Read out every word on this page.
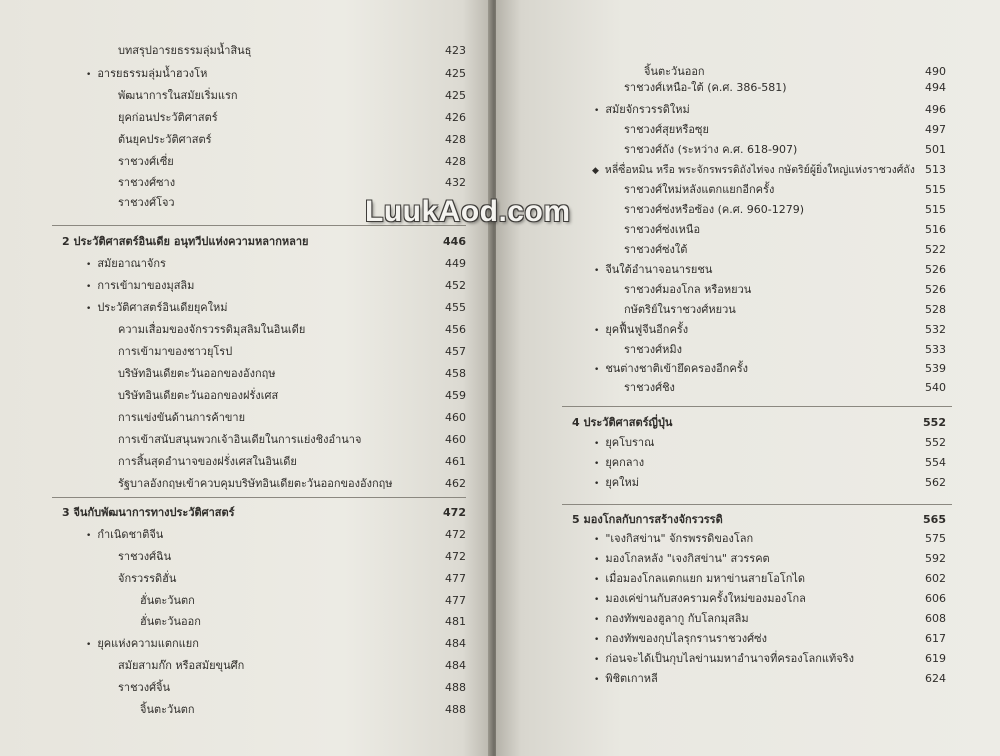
บทสรุปอารยธรรมลุ่มน้ำสินธุ	423
• อารยธรรมลุ่มน้ำฮวงโห	425
พัฒนาการในสมัยเริ่มแรก	425
ยุคก่อนประวัติศาสตร์	426
ต้นยุคประวัติศาสตร์	428
ราชวงศ์เซี่ย	428
ราชวงศ์ซาง	432
ราชวงศ์โจว
2 ประวัติศาสตร์อินเดีย อนุทวีปแห่งความหลากหลาย	446
• สมัยอาณาจักร	449
• การเข้ามาของมุสลิม	452
• ประวัติศาสตร์อินเดียยุคใหม่	455
ความเสื่อมของจักรวรรดิมุสลิมในอินเดีย	456
การเข้ามาของชาวยุโรป	457
บริษัทอินเดียตะวันออกของอังกฤษ	458
บริษัทอินเดียตะวันออกของฝรั่งเศส	459
การแข่งขันด้านการค้าขาย	460
การเข้าสนับสนุนพวกเจ้าอินเดียในการแย่งชิงอำนาจ	460
การสิ้นสุดอำนาจของฝรั่งเศสในอินเดีย	461
รัฐบาลอังกฤษเข้าควบคุมบริษัทอินเดียตะวันออกของอังกฤษ	462
3 จีนกับพัฒนาการทางประวัติศาสตร์	472
• กำเนิดชาติจีน	472
ราชวงศ์ฉิน	472
จักรวรรดิฮั่น	477
ฮั่นตะวันตก	477
ฮั่นตะวันออก	481
• ยุคแห่งความแตกแยก	484
สมัยสามก๊ก หรือสมัยขุนศึก	484
ราชวงศ์จิ้น	488
จิ้นตะวันตก	488
จิ้นตะวันออก	490
ราชวงศ์เหนือ-ใต้ (ค.ศ. 386-581)	494
• สมัยจักรวรรดิใหม่	496
ราชวงศ์สุยหรือซุย	497
ราชวงศ์ถัง (ระหว่าง ค.ศ. 618-907)	501
◆ หลี่ซื่อหมิน หรือ พระจักรพรรดิถังไท่จง กษัตริย์ผู้ยิ่งใหญ่แห่งราชวงศ์ถัง 513
ราชวงศ์ใหม่หลังแตกแยกอีกครั้ง	515
ราชวงศ์ซ่งหรือซ้อง (ค.ศ. 960-1279)	515
ราชวงศ์ซ่งเหนือ	516
ราชวงศ์ซ่งใต้	522
• จีนใต้อำนาจอนารยชน	526
ราชวงศ์มองโกล หรือหยวน	526
กษัตริย์ในราชวงศ์หยวน	528
• ยุคฟื้นฟูจีนอีกครั้ง	532
ราชวงศ์หมิง	533
• ชนต่างชาติเข้ายึดครองอีกครั้ง	539
ราชวงศ์ชิง	540
4 ประวัติศาสตร์ญี่ปุ่น	552
• ยุคโบราณ	552
• ยุคกลาง	554
• ยุคใหม่	562
5 มองโกลกับการสร้างจักรวรรดิ	565
• "เจงกิสข่าน" จักรพรรดิของโลก	575
• มองโกลหลัง "เจงกิสข่าน" สวรรคต	592
• เมื่อมองโกลแตกแยก มหาข่านสายโอโกได	602
• มองเค่ข่านกับสงครามครั้งใหม่ของมองโกล	606
• กองทัพของฮูลากู กับโลกมุสลิม	608
• กองทัพของกุบไลรุกรานราชวงศ์ซ่ง	617
• ก่อนจะได้เป็นกุบไลข่านมหาอำนาจที่ครองโลกแท้จริง	619
• พิชิตเกาหลี	624
LuukAod.com
